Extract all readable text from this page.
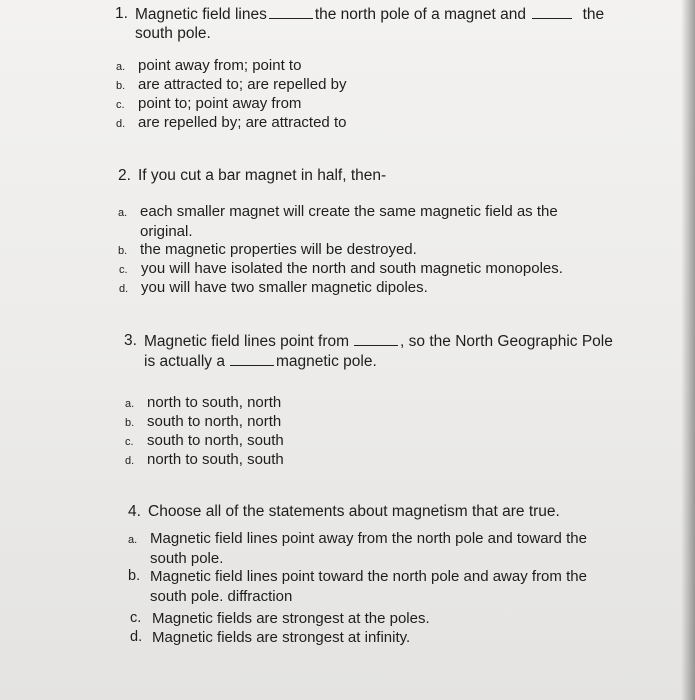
1. Magnetic field lines	the north pole of a magnet and	the
south pole.
a. point away from; point to
b. are attracted to; are repelled by
c. point to; point away from
d. are repelled by; are attracted to
2. If you cut a bar magnet in half, then-
a. each smaller magnet will create the same magnetic field as the
original.
b. the magnetic properties will be destroyed.
c. you will have isolated the north and south magnetic monopoles.
d. you will have two smaller magnetic dipoles.
3. Magnetic field lines point from	, so the North Geographic Pole
is actually a	magnetic pole.
a. north to south, north
b. south to north, north
c. south to north, south
d. north to south, south
4. Choose all of the statements about magnetism that are true.
a. Magnetic field lines point away from the north pole and toward the
south pole.
b. Magnetic field lines point toward the north pole and away from the
south pole. diffraction
c. Magnetic fields are strongest at the poles.
d. Magnetic fields are strongest at infinity.
